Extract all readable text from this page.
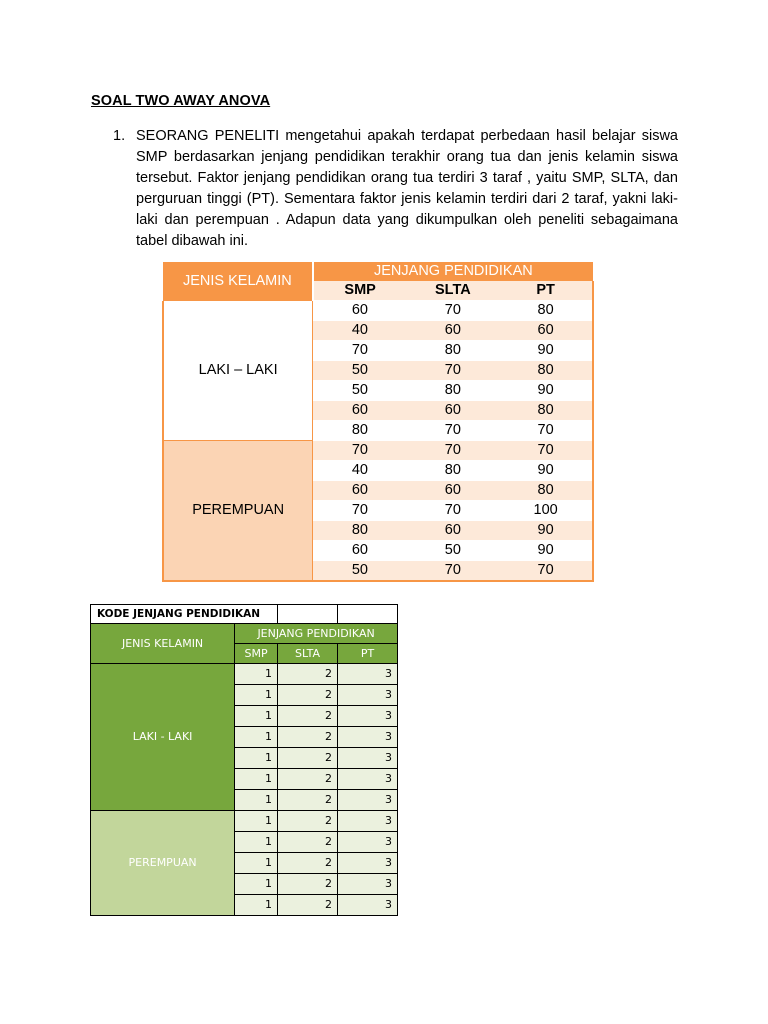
SOAL TWO AWAY ANOVA
1. SEORANG PENELITI mengetahui apakah terdapat perbedaan hasil belajar siswa SMP berdasarkan jenjang pendidikan terakhir orang tua dan jenis kelamin siswa tersebut. Faktor jenjang pendidikan orang tua terdiri 3 taraf , yaitu SMP, SLTA, dan perguruan tinggi (PT). Sementara faktor jenis kelamin terdiri dari 2 taraf, yakni laki-laki dan perempuan . Adapun data yang dikumpulkan oleh peneliti sebagaimana tabel dibawah ini.
JENIS KELAMIN	JENJANG PENDIDIKAN		
	SMP	SLTA	PT
LAKI – LAKI	60	70	80
	40	60	60
	70	80	90
	50	70	80
	50	80	90
	60	60	80
	80	70	70
PEREMPUAN	70	70	70
	40	80	90
	60	60	80
	70	70	100
	80	60	90
	60	50	90
	50	70	70
KODE JENJANG PENDIDIKAN			
JENIS KELAMIN	JENJANG PENDIDIKAN		
	SMP	SLTA	PT
LAKI - LAKI	1	2	3
	1	2	3
	1	2	3
	1	2	3
	1	2	3
	1	2	3
	1	2	3
PEREMPUAN	1	2	3
	1	2	3
	1	2	3
	1	2	3
	1	2	3
